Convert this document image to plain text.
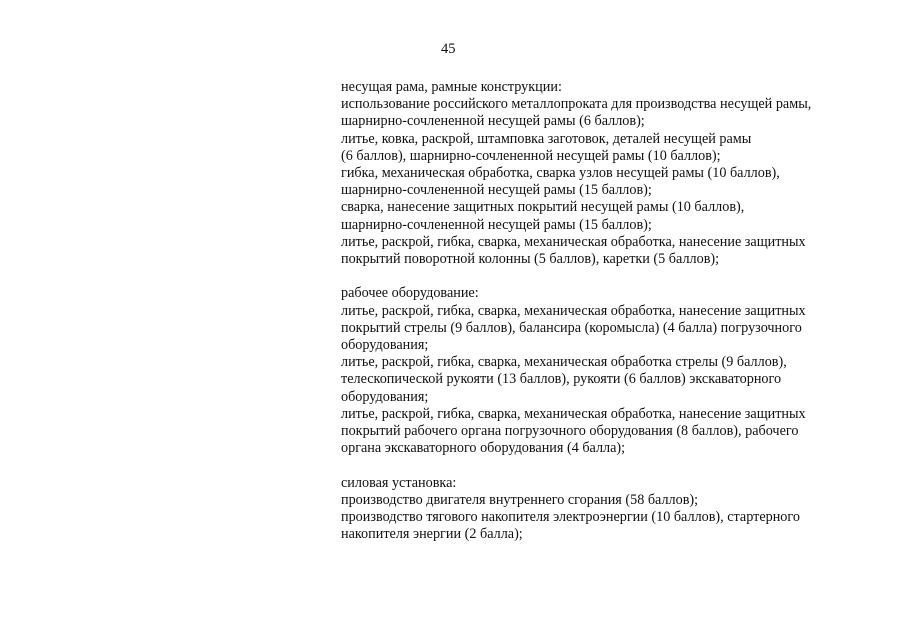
45
несущая рама, рамные конструкции:
использование российского металлопроката для производства несущей рамы,
шарнирно-сочлененной несущей рамы (6 баллов);
литье, ковка, раскрой, штамповка заготовок, деталей несущей рамы
(6 баллов), шарнирно-сочлененной несущей рамы (10 баллов);
гибка, механическая обработка, сварка узлов несущей рамы (10 баллов),
шарнирно-сочлененной несущей рамы (15 баллов);
сварка, нанесение защитных покрытий несущей рамы (10 баллов),
шарнирно-сочлененной несущей рамы (15 баллов);
литье, раскрой, гибка, сварка, механическая обработка, нанесение защитных
покрытий поворотной колонны (5 баллов), каретки (5 баллов);
рабочее оборудование:
литье, раскрой, гибка, сварка, механическая обработка, нанесение защитных
покрытий стрелы (9 баллов), балансира (коромысла) (4 балла) погрузочного
оборудования;
литье, раскрой, гибка, сварка, механическая обработка стрелы (9 баллов),
телескопической рукояти (13 баллов), рукояти (6 баллов) экскаваторного
оборудования;
литье, раскрой, гибка, сварка, механическая обработка, нанесение защитных
покрытий рабочего органа погрузочного оборудования (8 баллов), рабочего
органа экскаваторного оборудования (4 балла);
силовая установка:
производство двигателя внутреннего сгорания (58 баллов);
производство тягового накопителя электроэнергии (10 баллов), стартерного
накопителя энергии (2 балла);
